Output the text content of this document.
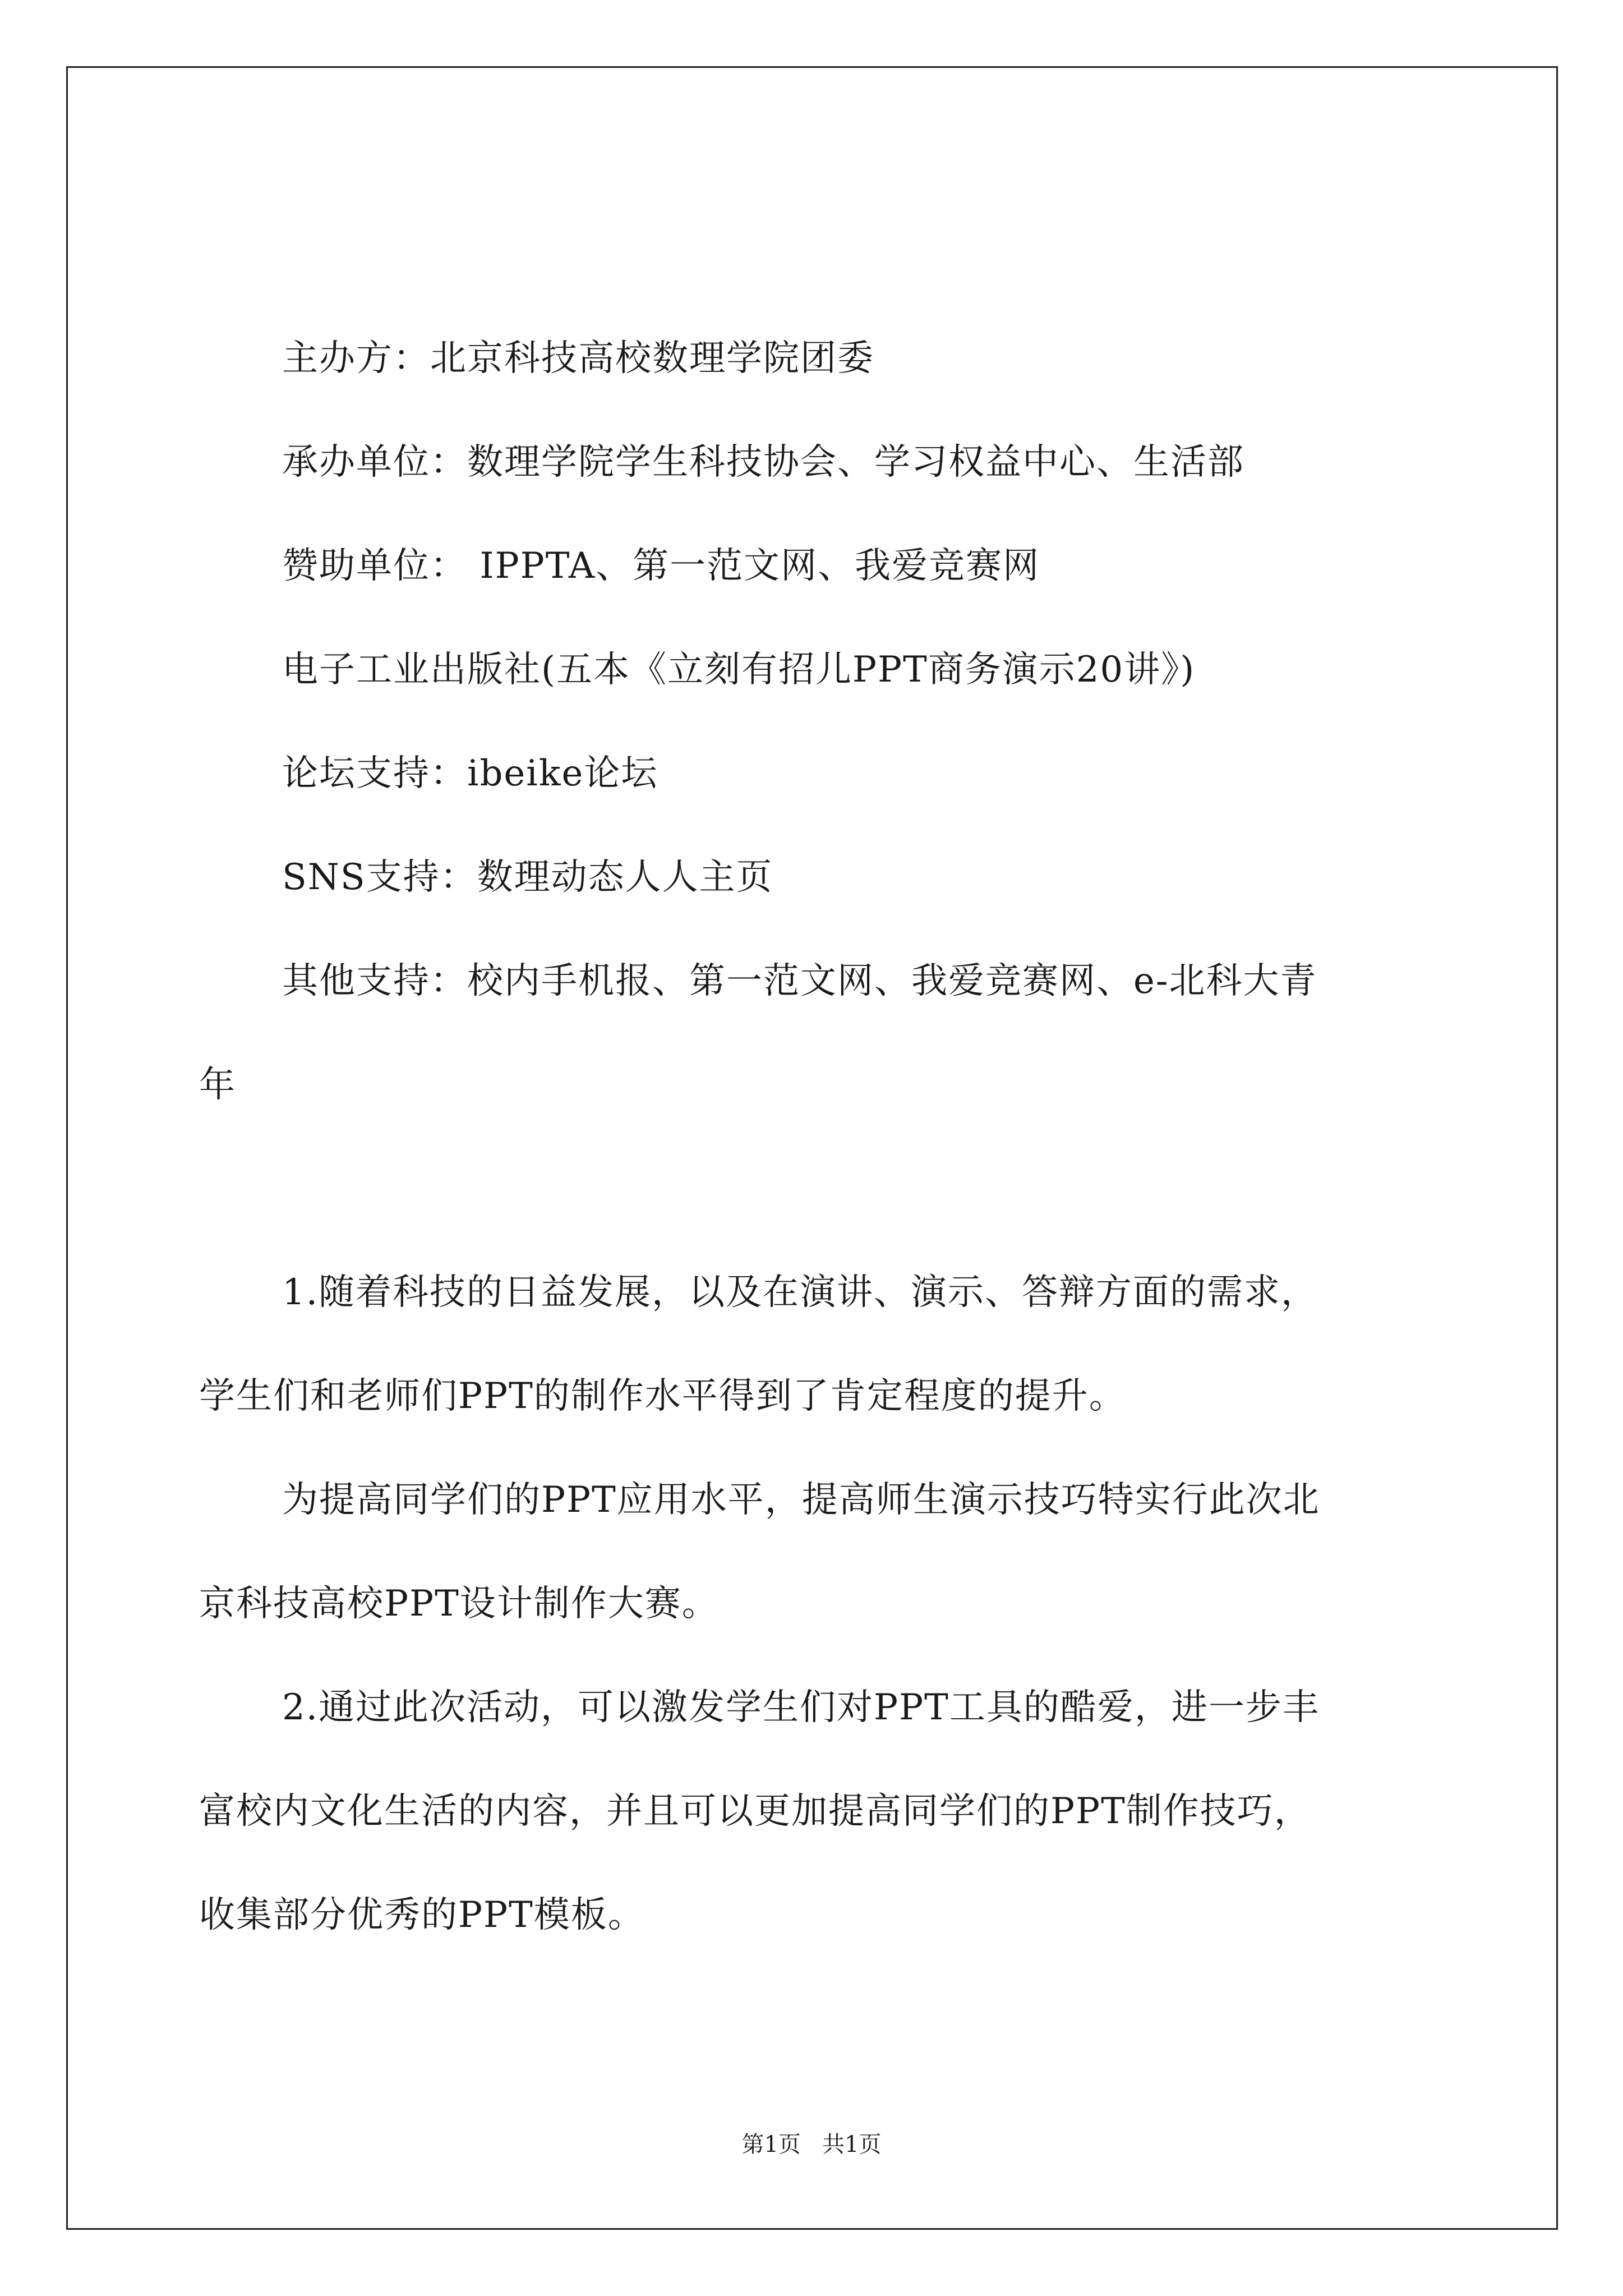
主办方：北京科技高校数理学院团委
承办单位：数理学院学生科技协会、学习权益中心、生活部
赞助单位： IPPTA、第一范文网、我爱竞赛网
电子工业出版社(五本《立刻有招儿PPT商务演示20讲》)
论坛支持：ibeike论坛
SNS支持：数理动态人人主页
其他支持：校内手机报、第一范文网、我爱竞赛网、e-北科大青
年
1.随着科技的日益发展，以及在演讲、演示、答辩方面的需求，
学生们和老师们PPT的制作水平得到了肯定程度的提升。
为提高同学们的PPT应用水平，提高师生演示技巧特实行此次北
京科技高校PPT设计制作大赛。
2.通过此次活动，可以激发学生们对PPT工具的酷爱，进一步丰
富校内文化生活的内容，并且可以更加提高同学们的PPT制作技巧，
收集部分优秀的PPT模板。
第1页   共1页
